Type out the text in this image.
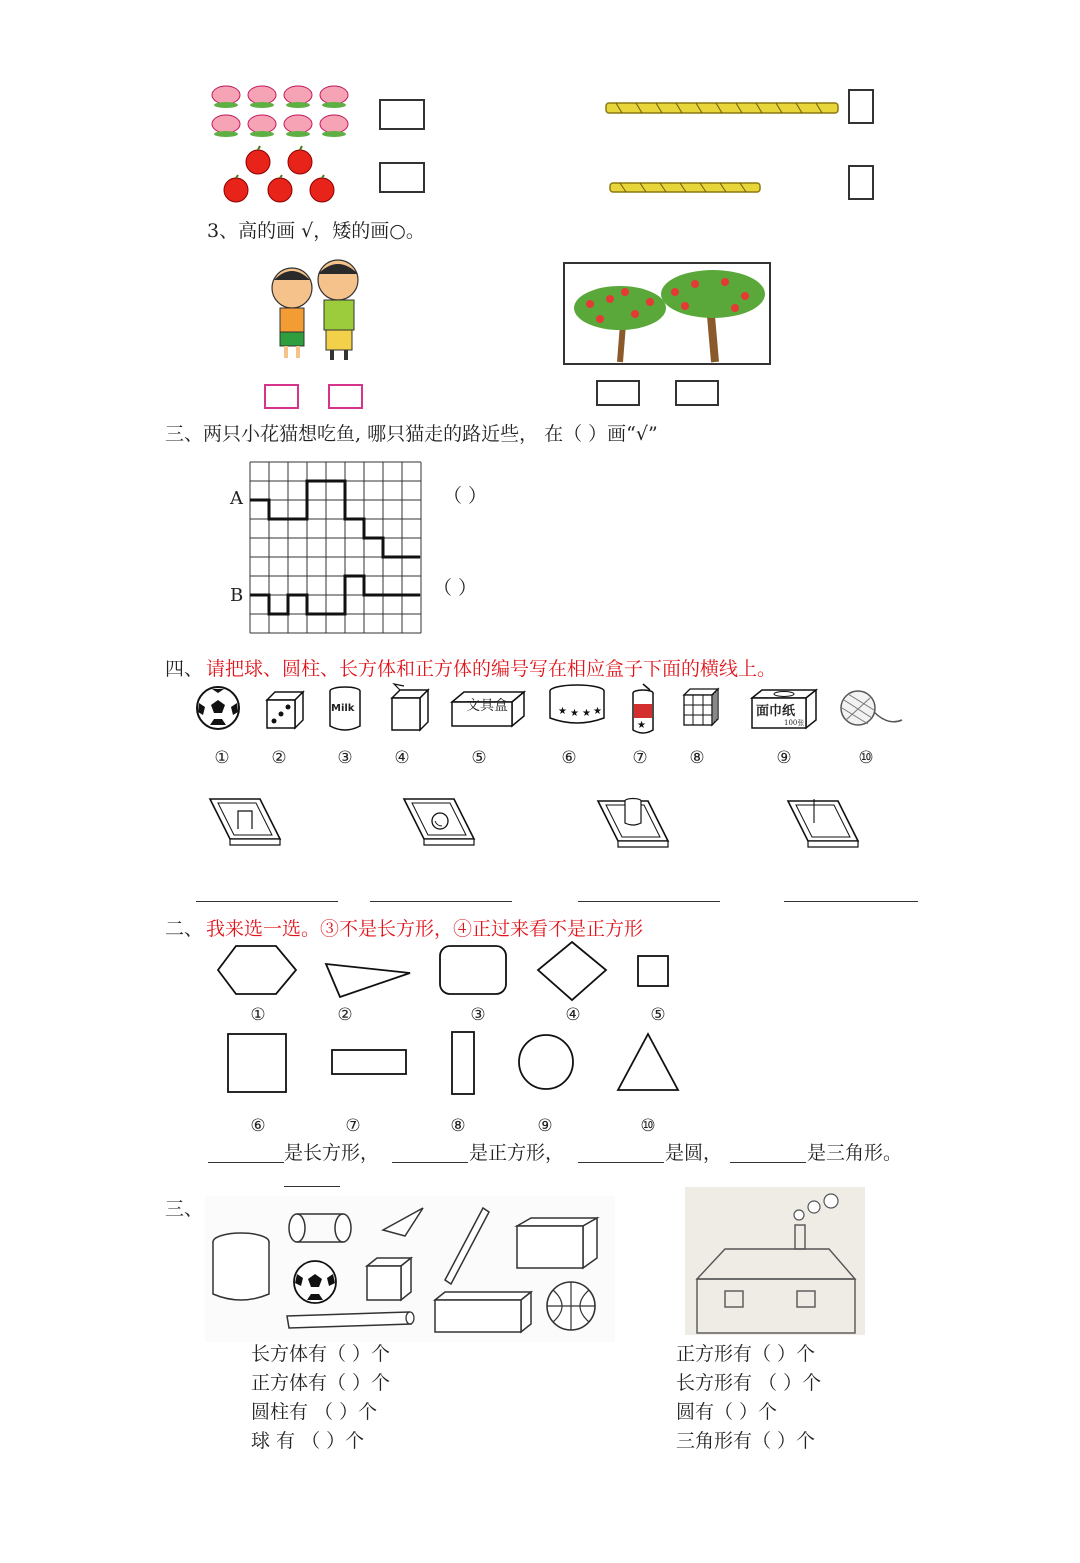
3、高的画 √，矮的画○。
三、两只小花猫想吃鱼, 哪只猫走的路近些， 在（ ）画“√”
A
B
（ ）
（ ）
四、 请把球、圆柱、长方体和正方体的编号写在相应盒子下面的横线上。
Milk	文具盒	★ ★ ★ ★
★
面巾纸
100张
①	②	③	④	⑤	⑥	⑦	⑧	⑨	⑩
二、 我来选一选。③不是长方形，④正过来看不是正方形
①	②	③	④	⑤
⑥	⑦	⑧	⑨	⑩
是长方形，	是正方形，	是圆，	是三角形。
三、
长方体有（ ）个
正方体有（ ）个
圆柱有 （ ）个
球 有 （ ）个
正方形有（ ）个
长方形有 （ ）个
圆有（ ）个
三角形有（ ）个
